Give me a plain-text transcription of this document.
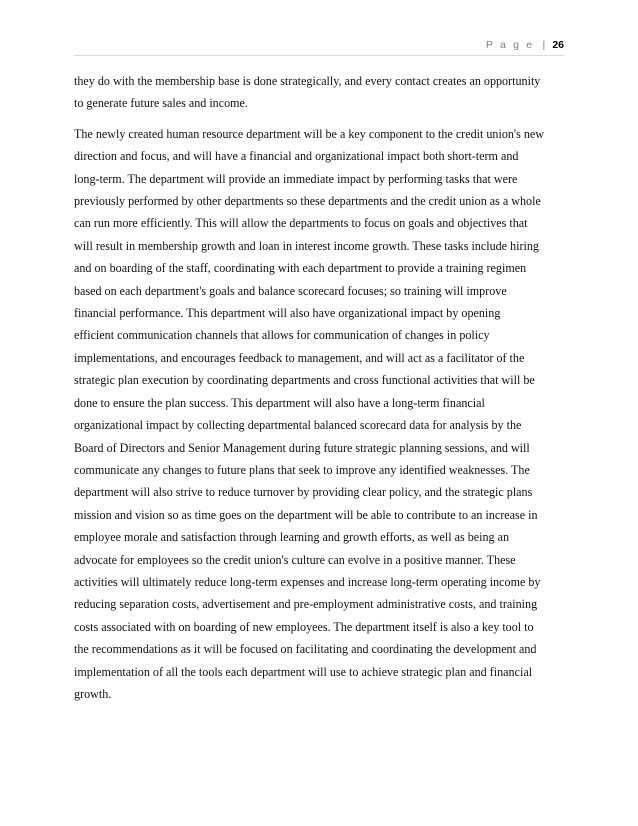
P a g e | 26
they do with the membership base is done strategically, and every contact creates an opportunity
to generate future sales and income.
The newly created human resource department will be a key component to the credit union's new
direction and focus, and will have a financial and organizational impact both short-term and
long-term. The department will provide an immediate impact by performing tasks that were
previously performed by other departments so these departments and the credit union as a whole
can run more efficiently. This will allow the departments to focus on goals and objectives that
will result in membership growth and loan in interest income growth. These tasks include hiring
and on boarding of the staff, coordinating with each department to provide a training regimen
based on each department's goals and balance scorecard focuses; so training will improve
financial performance. This department will also have organizational impact by opening
efficient communication channels that allows for communication of changes in policy
implementations, and encourages feedback to management, and will act as a facilitator of the
strategic plan execution by coordinating departments and cross functional activities that will be
done to ensure the plan success. This department will also have a long-term financial
organizational impact by collecting departmental balanced scorecard data for analysis by the
Board of Directors and Senior Management during future strategic planning sessions, and will
communicate any changes to future plans that seek to improve any identified weaknesses. The
department will also strive to reduce turnover by providing clear policy, and the strategic plans
mission and vision so as time goes on the department will be able to contribute to an increase in
employee morale and satisfaction through learning and growth efforts, as well as being an
advocate for employees so the credit union's culture can evolve in a positive manner. These
activities will ultimately reduce long-term expenses and increase long-term operating income by
reducing separation costs, advertisement and pre-employment administrative costs, and training
costs associated with on boarding of new employees. The department itself is also a key tool to
the recommendations as it will be focused on facilitating and coordinating the development and
implementation of all the tools each department will use to achieve strategic plan and financial
growth.
